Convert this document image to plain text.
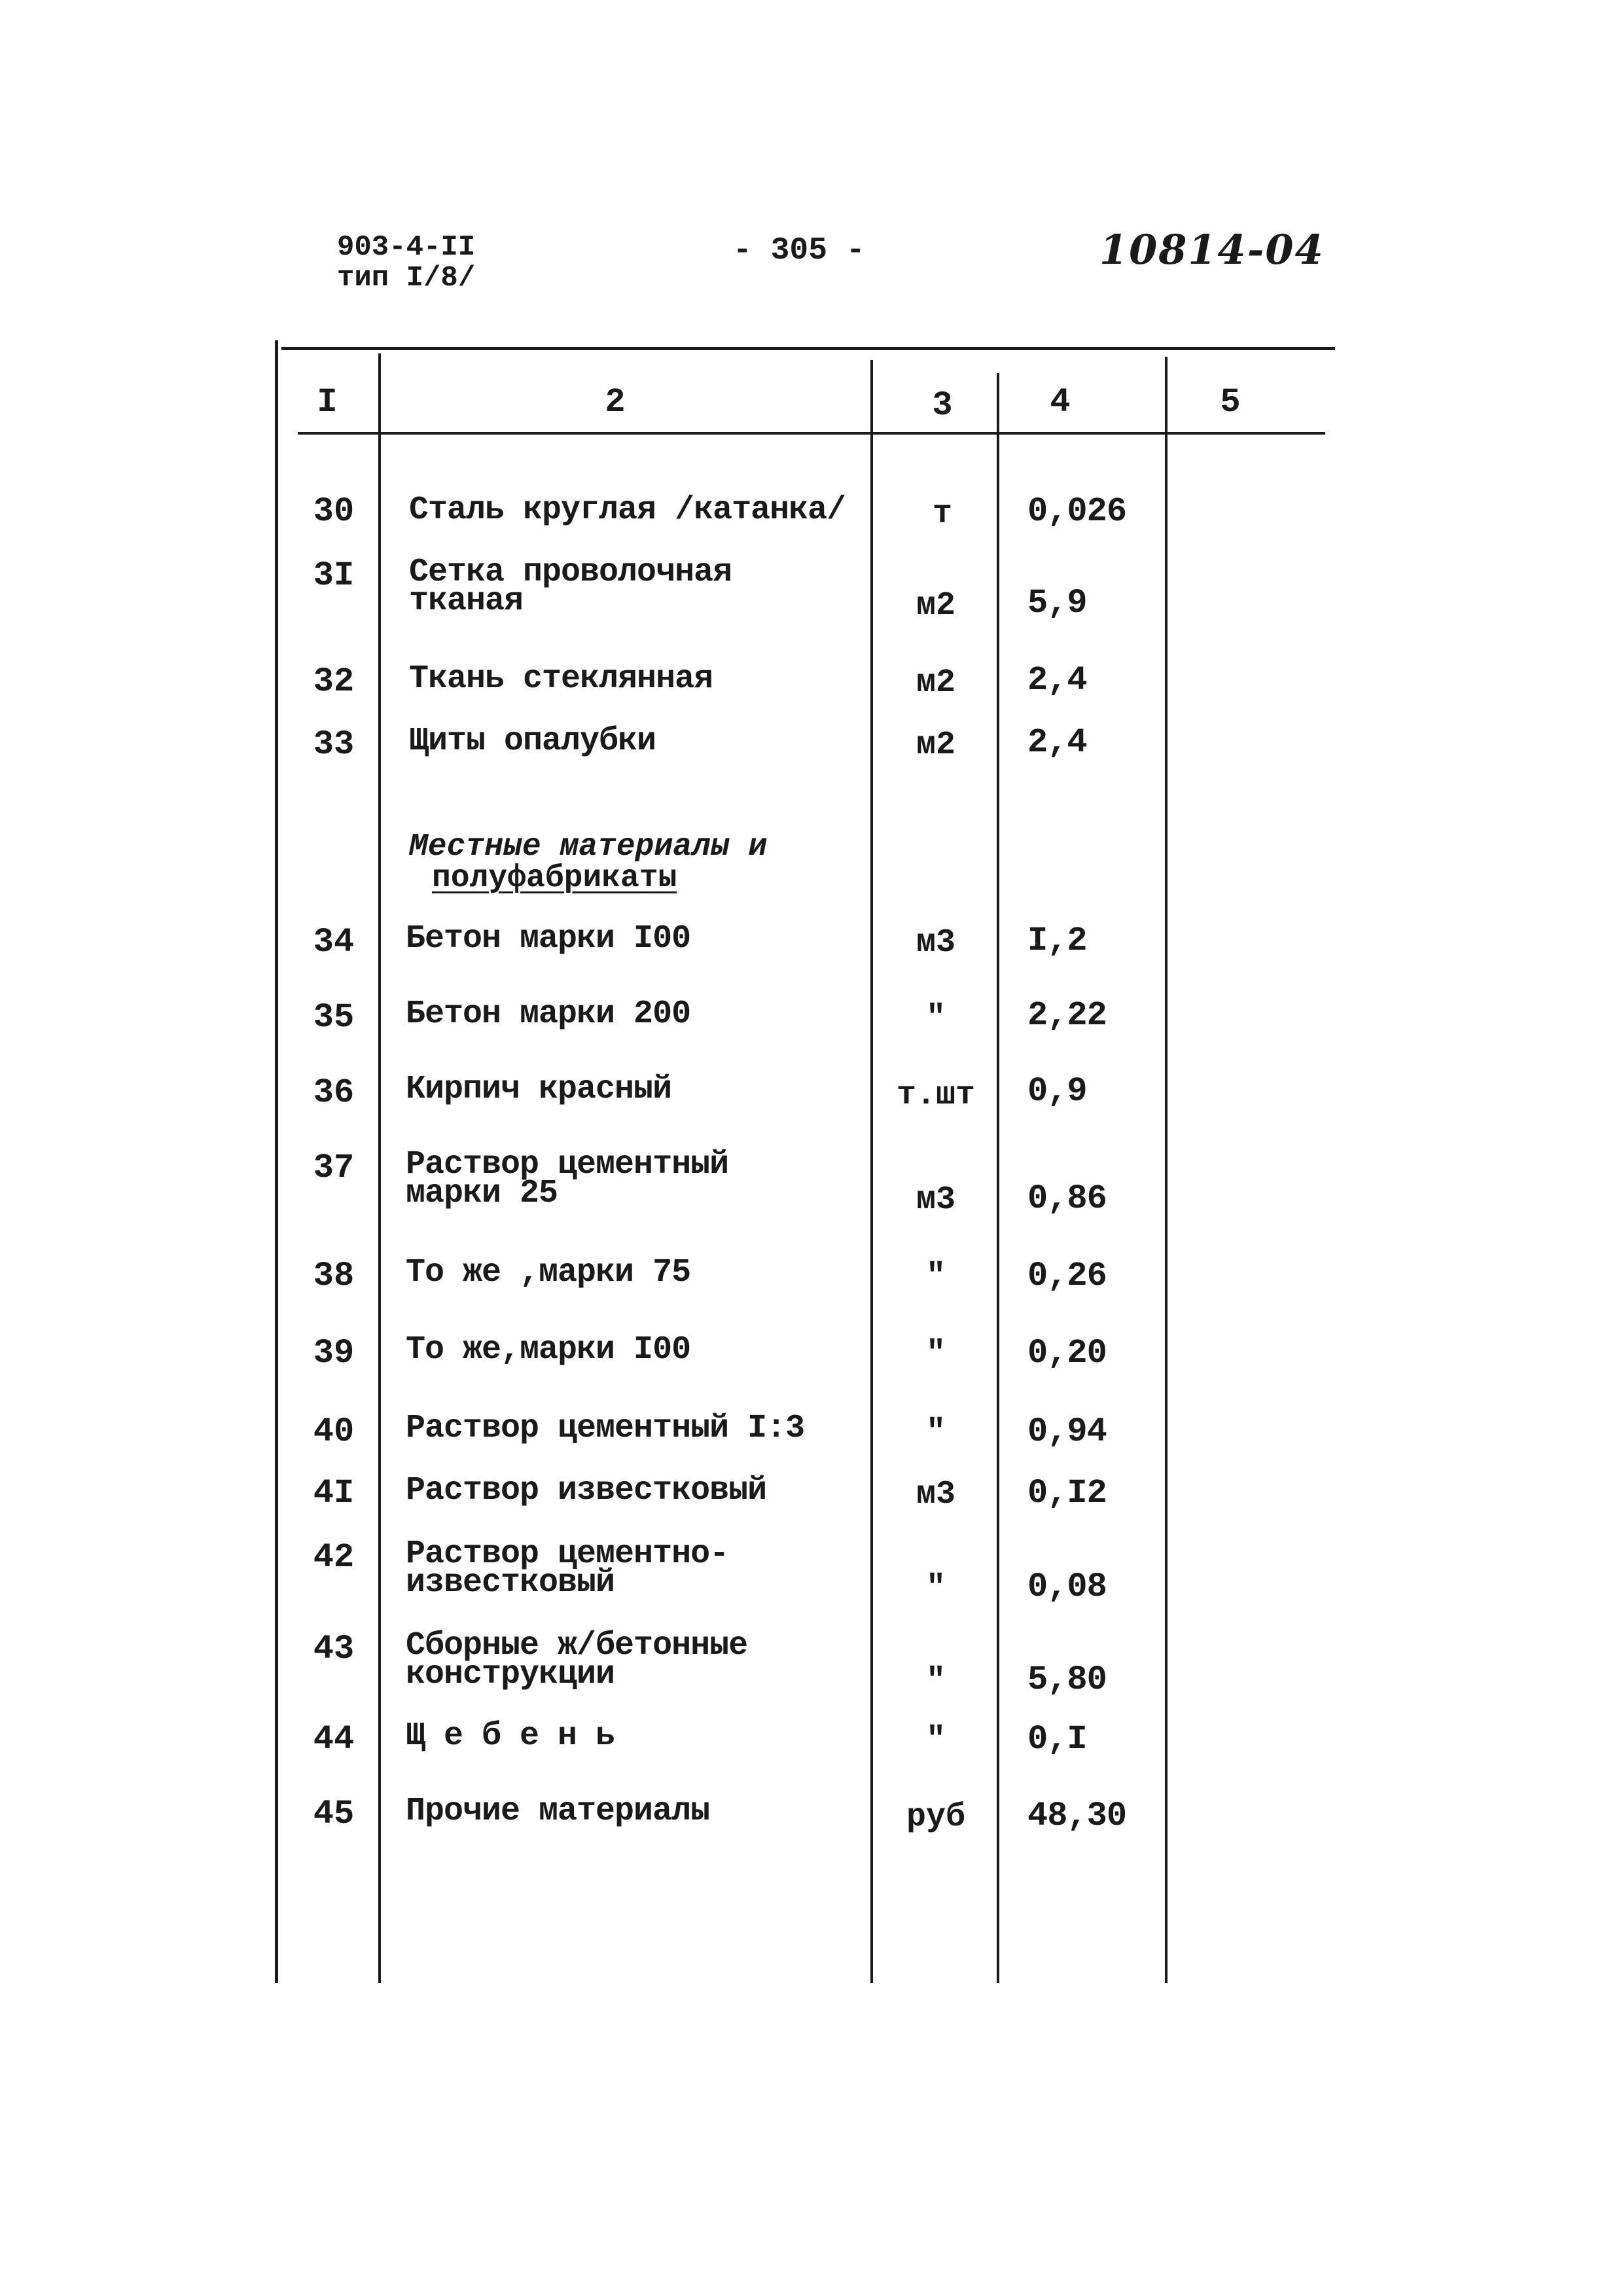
903-4-II
тип I/8/
- 305 -	10814-04
I	2	3	4	5
30	Сталь круглая /катанка/	т	0,026
3I	Сетка проволочная
тканая	м2	5,9
32	Ткань стеклянная	м2	2,4
33	Щиты опалубки	м2	2,4
Местные материалы и
полуфабрикаты
34	Бетон марки I00	м3	I,2
35	Бетон марки 200	"	2,22
36	Кирпич красный	т.шт	0,9
37	Раствор цементный
марки 25	м3	0,86
38	То же ,марки 75	"	0,26
39	То же,марки I00	"	0,20
40	Раствор цементный I:3	"	0,94
4I	Раствор известковый	м3	0,I2
42	Раствор цементно-
известковый	"	0,08
43	Сборные ж/бетонные
конструкции	"	5,80
44	Щ е б е н ь	"	0,I
45	Прочие материалы	руб	48,30
